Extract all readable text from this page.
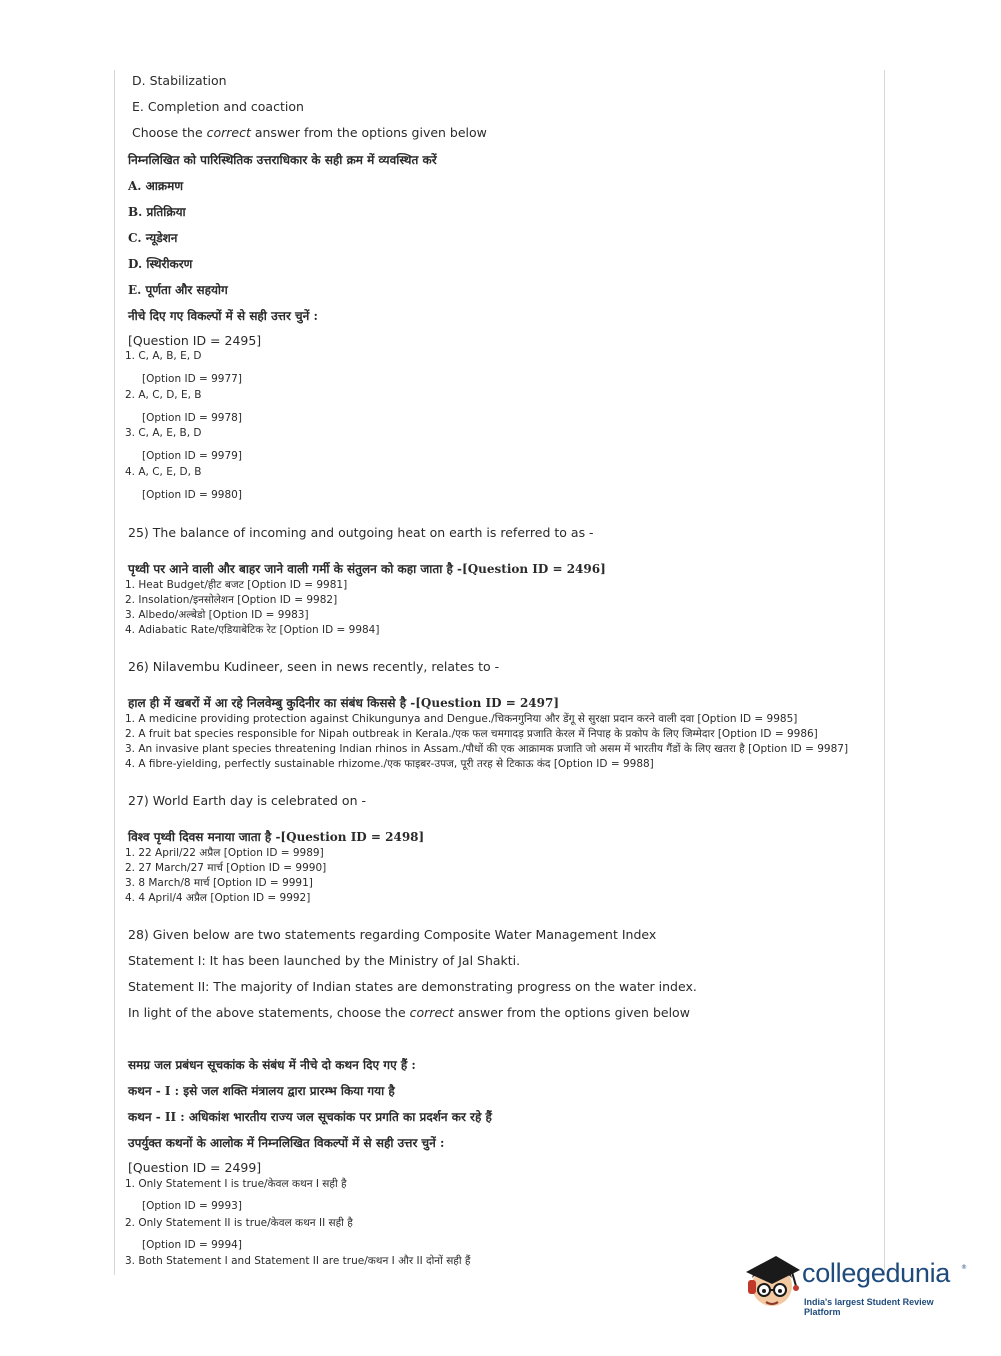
D. Stabilization
E. Completion and coaction
Choose the correct answer from the options given below
निम्नलिखित को पारिस्थितिक उत्तराधिकार के सही क्रम में व्यवस्थित करें
A. आक्रमण
B. प्रतिक्रिया
C. न्यूडेशन
D. स्थिरीकरण
E. पूर्णता और सहयोग
नीचे दिए गए विकल्पों में से सही उत्तर चुनें :
[Question ID = 2495]
1. C, A, B, E, D
[Option ID = 9977]
2. A, C, D, E, B
[Option ID = 9978]
3. C, A, E, B, D
[Option ID = 9979]
4. A, C, E, D, B
[Option ID = 9980]
25) The balance of incoming and outgoing heat on earth is referred to as -
पृथ्वी पर आने वाली और बाहर जाने वाली गर्मी के संतुलन को कहा जाता है -[Question ID = 2496]
1. Heat Budget/हीट बजट [Option ID = 9981]
2. Insolation/इनसोलेशन [Option ID = 9982]
3. Albedo/अल्बेडो [Option ID = 9983]
4. Adiabatic Rate/एडियाबेटिक रेट [Option ID = 9984]
26) Nilavembu Kudineer, seen in news recently, relates to -
हाल ही में खबरों में आ रहे निलवेम्बु कुदिनीर का संबंध किससे है -[Question ID = 2497]
1. A medicine providing protection against Chikungunya and Dengue./चिकनगुनिया और डेंगू से सुरक्षा प्रदान करने वाली दवा [Option ID = 9985]
2. A fruit bat species responsible for Nipah outbreak in Kerala./एक फल चमगादड़ प्रजाति केरल में निपाह के प्रकोप के लिए जिम्मेदार [Option ID = 9986]
3. An invasive plant species threatening Indian rhinos in Assam./पौधों की एक आक्रामक प्रजाति जो असम में भारतीय गैंडों के लिए खतरा है [Option ID = 9987]
4. A fibre-yielding, perfectly sustainable rhizome./एक फाइबर-उपज, पूरी तरह से टिकाऊ कंद [Option ID = 9988]
27) World Earth day is celebrated on -
विश्व पृथ्वी दिवस मनाया जाता है -[Question ID = 2498]
1. 22 April/22 अप्रैल [Option ID = 9989]
2. 27 March/27 मार्च [Option ID = 9990]
3. 8 March/8 मार्च [Option ID = 9991]
4. 4 April/4 अप्रैल [Option ID = 9992]
28) Given below are two statements regarding Composite Water Management Index
Statement I: It has been launched by the Ministry of Jal Shakti.
Statement II: The majority of Indian states are demonstrating progress on the water index.
In light of the above statements, choose the correct answer from the options given below
समग्र जल प्रबंधन सूचकांक के संबंध में नीचे दो कथन दिए गए हैं :
कथन - I : इसे जल शक्ति मंत्रालय द्वारा प्रारम्भ किया गया है
कथन - II : अधिकांश भारतीय राज्य जल सूचकांक पर प्रगति का प्रदर्शन कर रहे हैं
उपर्युक्त कथनों के आलोक में निम्नलिखित विकल्पों में से सही उत्तर चुनें :
[Question ID = 2499]
1. Only Statement I is true/केवल कथन I सही है
[Option ID = 9993]
2. Only Statement II is true/केवल कथन II सही है
[Option ID = 9994]
3. Both Statement I and Statement II are true/कथन I और II दोनों सही हैं	collegedunia ®
India's largest Student Review Platform
